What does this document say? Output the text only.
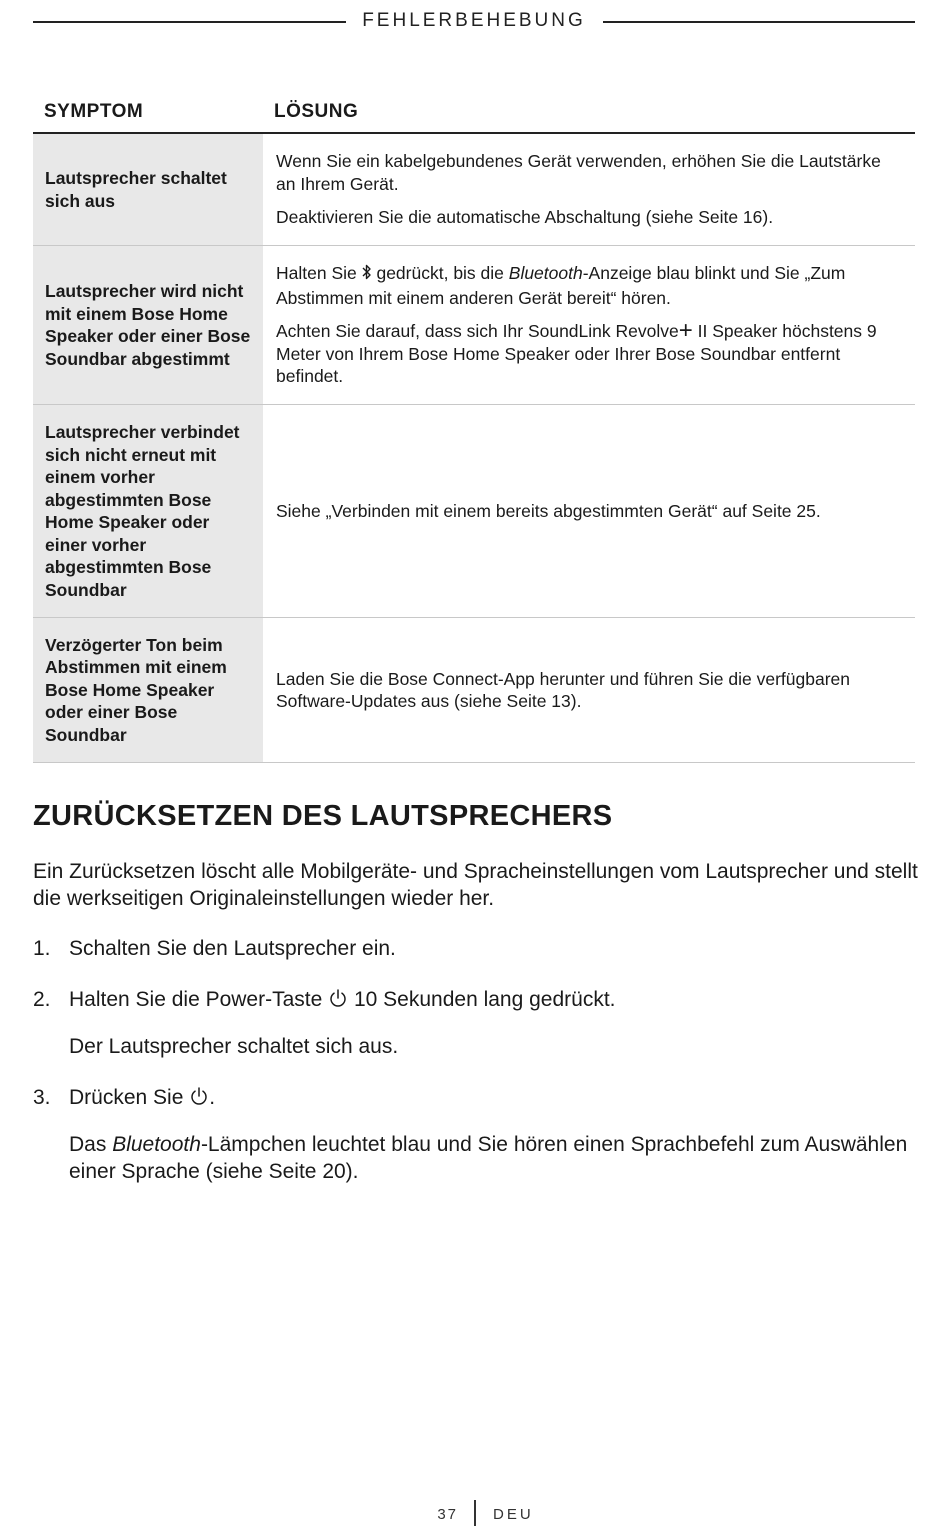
FEHLERBEHEBUNG
SYMPTOM	LÖSUNG
Lautsprecher schaltet sich aus

Wenn Sie ein kabelgebundenes Gerät verwenden, erhöhen Sie die Lautstärke an Ihrem Gerät.

Deaktivieren Sie die automatische Abschaltung (siehe Seite 16).

Lautsprecher wird nicht mit einem Bose Home Speaker oder einer Bose Soundbar abgestimmt

Halten Sie  gedrückt, bis die Bluetooth-Anzeige blau blinkt und Sie „Zum Abstimmen mit einem anderen Gerät bereit“ hören.

Achten Sie darauf, dass sich Ihr SoundLink Revolve+ II Speaker höchstens 9 Meter von Ihrem Bose Home Speaker oder Ihrer Bose Soundbar entfernt befindet.

Lautsprecher verbindet sich nicht erneut mit einem vorher abgestimmten Bose Home Speaker oder einer vorher abgestimmten Bose Soundbar

Siehe „Verbinden mit einem bereits abgestimmten Gerät“ auf Seite 25.

Verzögerter Ton beim Abstimmen mit einem Bose Home Speaker oder einer Bose Soundbar

Laden Sie die Bose Connect-App herunter und führen Sie die verfügbaren Software-Updates aus (siehe Seite 13).

ZURÜCKSETZEN DES LAUTSPRECHERS

Ein Zurücksetzen löscht alle Mobilgeräte- und Spracheinstellungen vom Lautsprecher und stellt die werkseitigen Originaleinstellungen wieder her.

1. Schalten Sie den Lautsprecher ein.

2. Halten Sie die Power-Taste  10 Sekunden lang gedrückt.

Der Lautsprecher schaltet sich aus.

3. Drücken Sie .

Das Bluetooth-Lämpchen leuchtet blau und Sie hören einen Sprachbefehl zum Auswählen einer Sprache (siehe Seite 20).

37 DEU
